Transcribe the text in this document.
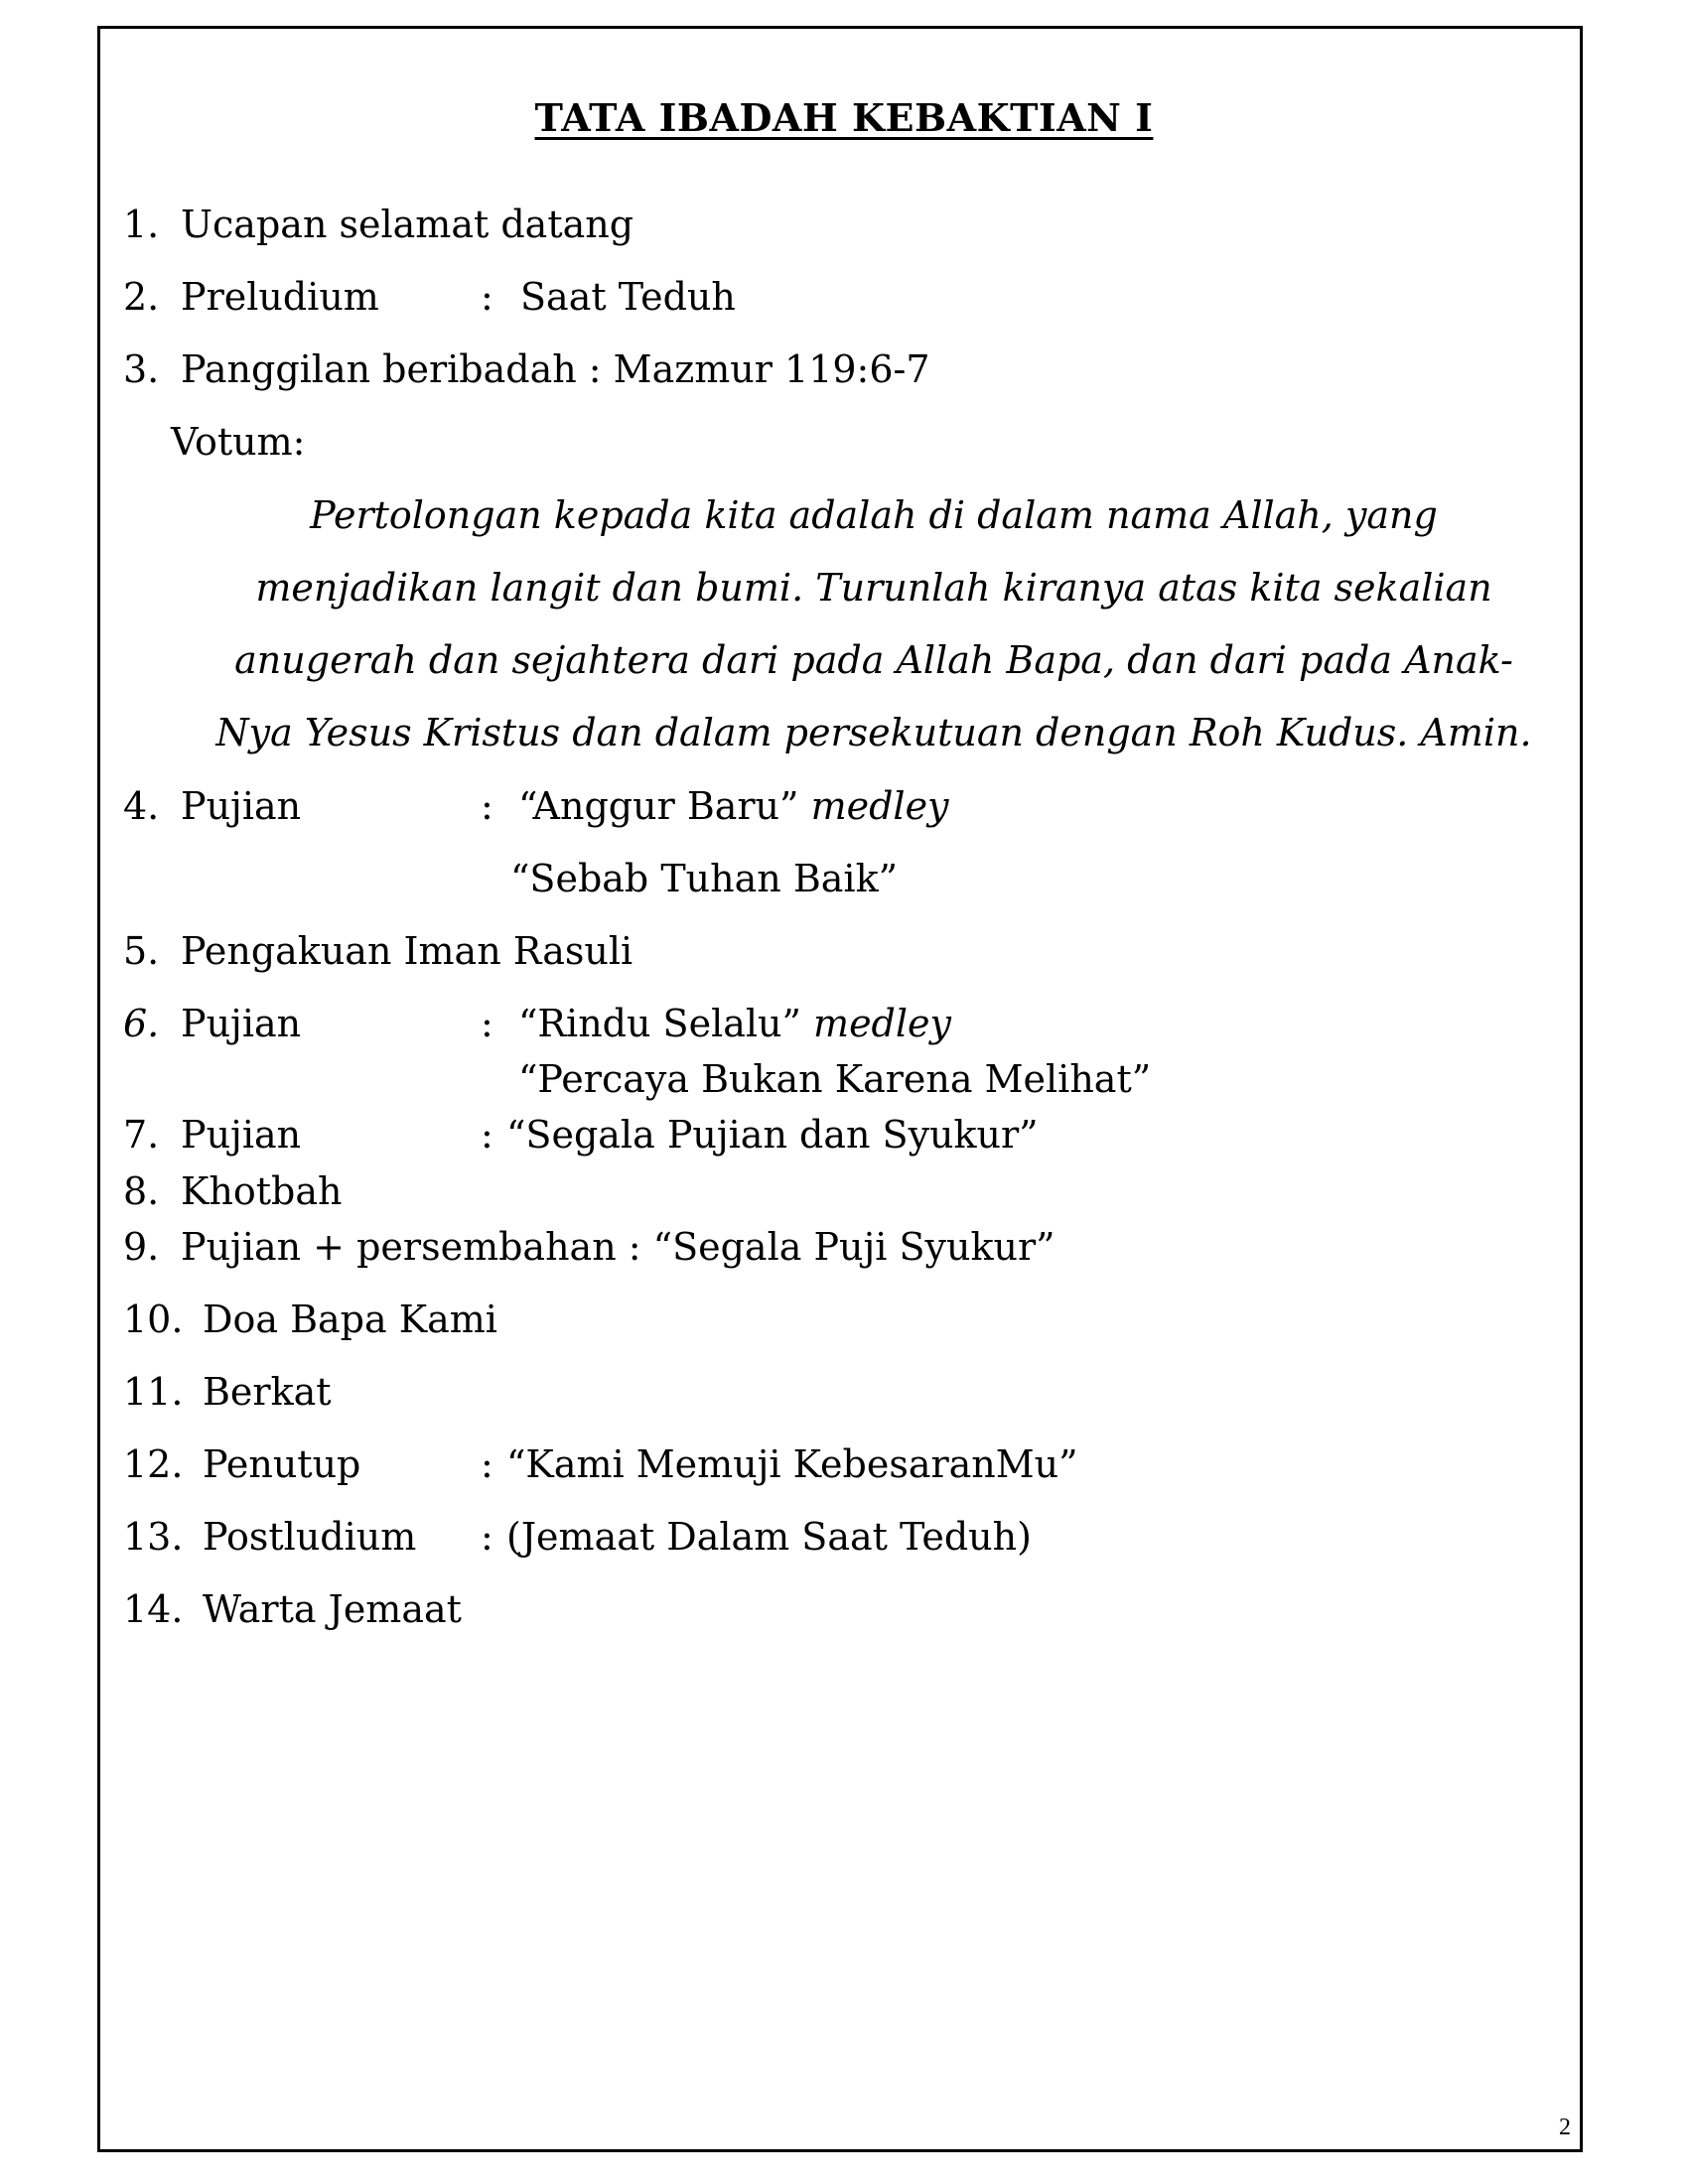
TATA IBADAH KEBAKTIAN I
1. Ucapan selamat datang
2. Preludium	: Saat Teduh
3. Panggilan beribadah : Mazmur 119:6-7
Votum:
Pertolongan kepada kita adalah di dalam nama Allah, yang
menjadikan langit dan bumi. Turunlah kiranya atas kita sekalian
anugerah dan sejahtera dari pada Allah Bapa, dan dari pada Anak-
Nya Yesus Kristus dan dalam persekutuan dengan Roh Kudus. Amin.
4. Pujian	: “Anggur Baru” medley
“Sebab Tuhan Baik”
5. Pengakuan Iman Rasuli
6. Pujian	: “Rindu Selalu” medley
“Percaya Bukan Karena Melihat”
7. Pujian	: “Segala Pujian dan Syukur”
8. Khotbah
9. Pujian + persembahan : “Segala Puji Syukur”
10. Doa Bapa Kami
11. Berkat
12. Penutup	: “Kami Memuji KebesaranMu”
13. Postludium : (Jemaat Dalam Saat Teduh)
14. Warta Jemaat
2
